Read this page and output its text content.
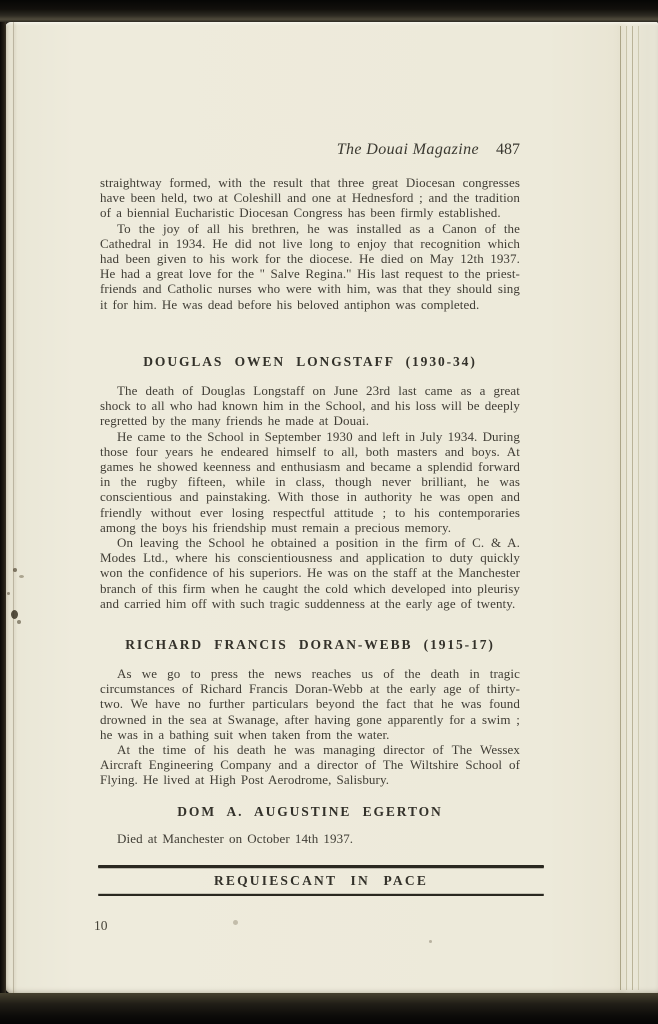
The Douai Magazine 487

straightway formed, with the result that three great Diocesan congresses have been held, two at Coleshill and one at Hednesford ; and the tradition of a biennial Eucharistic Diocesan Congress has been firmly established.

To the joy of all his brethren, he was installed as a Canon of the Cathedral in 1934. He did not live long to enjoy that recognition which had been given to his work for the diocese. He died on May 12th 1937. He had a great love for the " Salve Regina." His last request to the priest-friends and Catholic nurses who were with him, was that they should sing it for him. He was dead before his beloved antiphon was completed.

DOUGLAS OWEN LONGSTAFF (1930-34)

The death of Douglas Longstaff on June 23rd last came as a great shock to all who had known him in the School, and his loss will be deeply regretted by the many friends he made at Douai.

He came to the School in September 1930 and left in July 1934. During those four years he endeared himself to all, both masters and boys. At games he showed keenness and enthusiasm and became a splendid forward in the rugby fifteen, while in class, though never brilliant, he was conscientious and painstaking. With those in authority he was open and friendly without ever losing respectful attitude ; to his contemporaries among the boys his friendship must remain a precious memory.

On leaving the School he obtained a position in the firm of C. & A. Modes Ltd., where his conscientiousness and application to duty quickly won the confidence of his superiors. He was on the staff at the Manchester branch of this firm when he caught the cold which developed into pleurisy and carried him off with such tragic suddenness at the early age of twenty.

RICHARD FRANCIS DORAN-WEBB (1915-17)

As we go to press the news reaches us of the death in tragic circumstances of Richard Francis Doran-Webb at the early age of thirty-two. We have no further particulars beyond the fact that he was found drowned in the sea at Swanage, after having gone apparently for a swim ; he was in a bathing suit when taken from the water.

At the time of his death he was managing director of The Wessex Aircraft Engineering Company and a director of The Wiltshire School of Flying. He lived at High Post Aerodrome, Salisbury.

DOM A. AUGUSTINE EGERTON

Died at Manchester on October 14th 1937.

REQUIESCANT IN PACE
10
